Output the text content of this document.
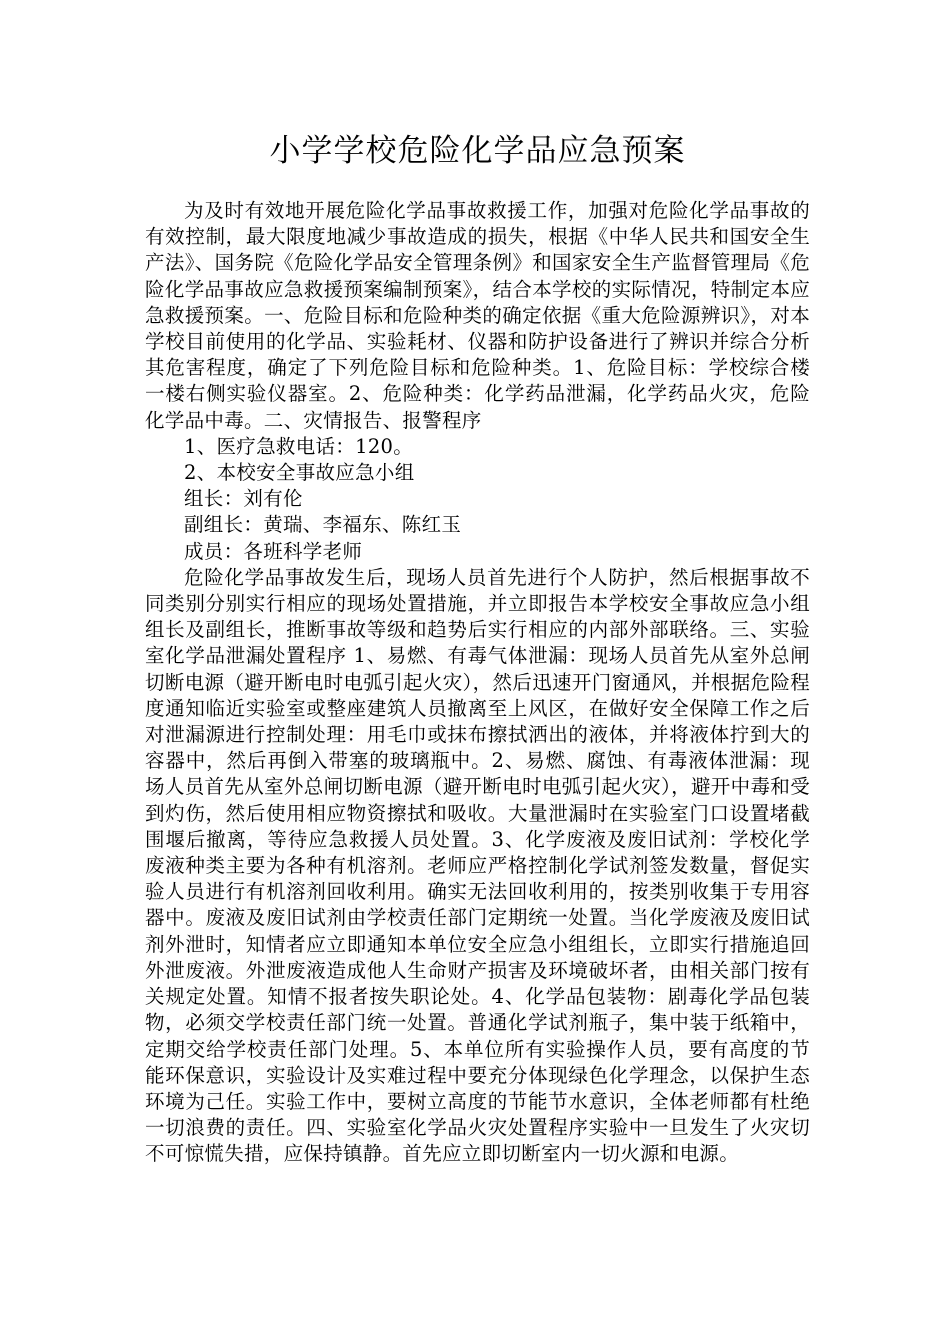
小学学校危险化学品应急预案

为及时有效地开展危险化学品事故救援工作，加强对危险化学品事故的有效控制，最大限度地减少事故造成的损失，根据《中华人民共和国安全生产法》、国务院《危险化学品安全管理条例》和国家安全生产监督管理局《危险化学品事故应急救援预案编制预案》，结合本学校的实际情况，特制定本应急救援预案。一、危险目标和危险种类的确定依据《重大危险源辨识》，对本学校目前使用的化学品、实验耗材、仪器和防护设备进行了辨识并综合分析其危害程度，确定了下列危险目标和危险种类。1、危险目标：学校综合楼一楼右侧实验仪器室。2、危险种类：化学药品泄漏，化学药品火灾，危险化学品中毒。二、灾情报告、报警程序

1、医疗急救电话：120。

2、本校安全事故应急小组

组长：刘有伦

副组长：黄瑞、李福东、陈红玉

成员：各班科学老师

危险化学品事故发生后，现场人员首先进行个人防护，然后根据事故不同类别分别实行相应的现场处置措施，并立即报告本学校安全事故应急小组组长及副组长，推断事故等级和趋势后实行相应的内部外部联络。三、实验室化学品泄漏处置程序 1、易燃、有毒气体泄漏：现场人员首先从室外总闸切断电源（避开断电时电弧引起火灾），然后迅速开门窗通风，并根据危险程度通知临近实验室或整座建筑人员撤离至上风区，在做好安全保障工作之后对泄漏源进行控制处理：用毛巾或抹布擦拭洒出的液体，并将液体拧到大的容器中，然后再倒入带塞的玻璃瓶中。2、易燃、腐蚀、有毒液体泄漏：现场人员首先从室外总闸切断电源（避开断电时电弧引起火灾），避开中毒和受到灼伤，然后使用相应物资擦拭和吸收。大量泄漏时在实验室门口设置堵截围堰后撤离，等待应急救援人员处置。3、化学废液及废旧试剂：学校化学废液种类主要为各种有机溶剂。老师应严格控制化学试剂签发数量，督促实验人员进行有机溶剂回收利用。确实无法回收利用的，按类别收集于专用容器中。废液及废旧试剂由学校责任部门定期统一处置。当化学废液及废旧试剂外泄时，知情者应立即通知本单位安全应急小组组长，立即实行措施追回外泄废液。外泄废液造成他人生命财产损害及环境破坏者，由相关部门按有关规定处置。知情不报者按失职论处。4、化学品包装物：剧毒化学品包装物，必须交学校责任部门统一处置。普通化学试剂瓶子，集中装于纸箱中，定期交给学校责任部门处理。5、本单位所有实验操作人员，要有高度的节能环保意识，实验设计及实难过程中要充分体现绿色化学理念，以保护生态环境为己任。实验工作中，要树立高度的节能节水意识，全体老师都有杜绝一切浪费的责任。四、实验室化学品火灾处置程序实验中一旦发生了火灾切不可惊慌失措，应保持镇静。首先应立即切断室内一切火源和电源。
